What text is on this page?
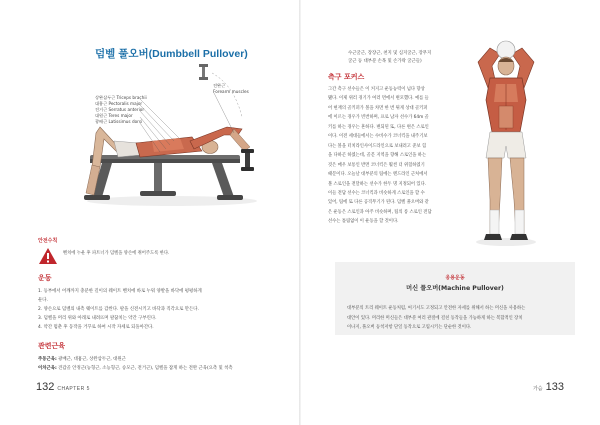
덤벨 풀오버(Dumbbell Pullover)
상완삼두근 Triceps brachii
대흉근 Pectoralis major
전거근 Serratus anterior
대원근 Teres major
광배근 Latissimus dorsi
전완근
Forearm muscles
안전수칙
벤치에 누운 후 파트너가 덤벨을 양손에 쥐어주도록 한다.
운동
1. 등부에서 어깨까지 충분한 길이의 웨이트 벤치에 바로 누워 양발을 바닥에 평평하게
둔다.
2. 양손으로 덤벨의 내측 웨이트를 감싼다. 팔을 신전시키고 바닥과 직각으로 만든다.
3. 덤벨을 머리 위와 아래로 내려뜨며 팔꿈치는 약간 구부린다.
4. 약간 멈춘 후 동작을 거꾸로 하여 시작 자세로 되돌아간다.
관련근육
주동근육: 광배근, 대흉근, 상완삼두근, 대원근
이차근육: 견갑골 안정근(능형근, 소능형근, 승모근, 전거근), 덤벨을 잡게 하는 전완 근육(요측 및 척측
132 CHAPTER 5
수근굴근, 장장근, 천지 및 심지굴근, 장무지
굴근 등 대부분 손목 및 손가락 굴근들)
측구 포커스
그간 측구 선수들은 이 커지고 운동능력이 넘다 향상
됐다. 이제 위러 경기가 여러 면에서 변모했다. 예를 들
어 현재의 골키퍼가 볼을 차면 한 번 튀게 상대 골키퍼
에 이르는 경우가 빈번하며, 프로 남자 선수가 64m 골
키를 하는 경우는 흔하다. 변되된 또, 다른 변은 스로인
이다. 이전 세대들에서는 수비수가 코너킥을 내주기보
다는 볼을 터치라인사이드라인으로 보내려고 준보 힘
을 다하곤 하였는데, 골문 지역을 향해 스로인을 하는
것은 매우 보통인 반면 코너킥은 훨씬 더 위험하였기
때문이다. 오늘날 대부분의 팀에는 멘드라인 근처에서
볼 스로인을 전달하는 선수가 한두 명 지정되어 있다.
이들 전담 선수는 코너킥과 비슷하게 스로인을 할 수
있어, 팀에 또 다른 공격무기가 된다. 덤벨 풀오버와 같
은 운동은 스로인과 아주 비슷하며, 팀의 롱 스로인 전담
선수는 틀림없이 이 운동을 할 것이다.
응용운동
머신 풀오버(Machine Pullover)
대부분의 트리 웨이트 운동처럼, 여기서도 고정되고 안전한 자세를 위해서 하는 머신을 사용하는
대안이 있다. 머리한 머신들은 대부분 여러 관절에 걸친 동작들을 가능하게 하는 복합적인 장치
이나지, 풀오버 등척저항 단일 동작으로 고립시키는 단순한 것이다.
가슴 133
